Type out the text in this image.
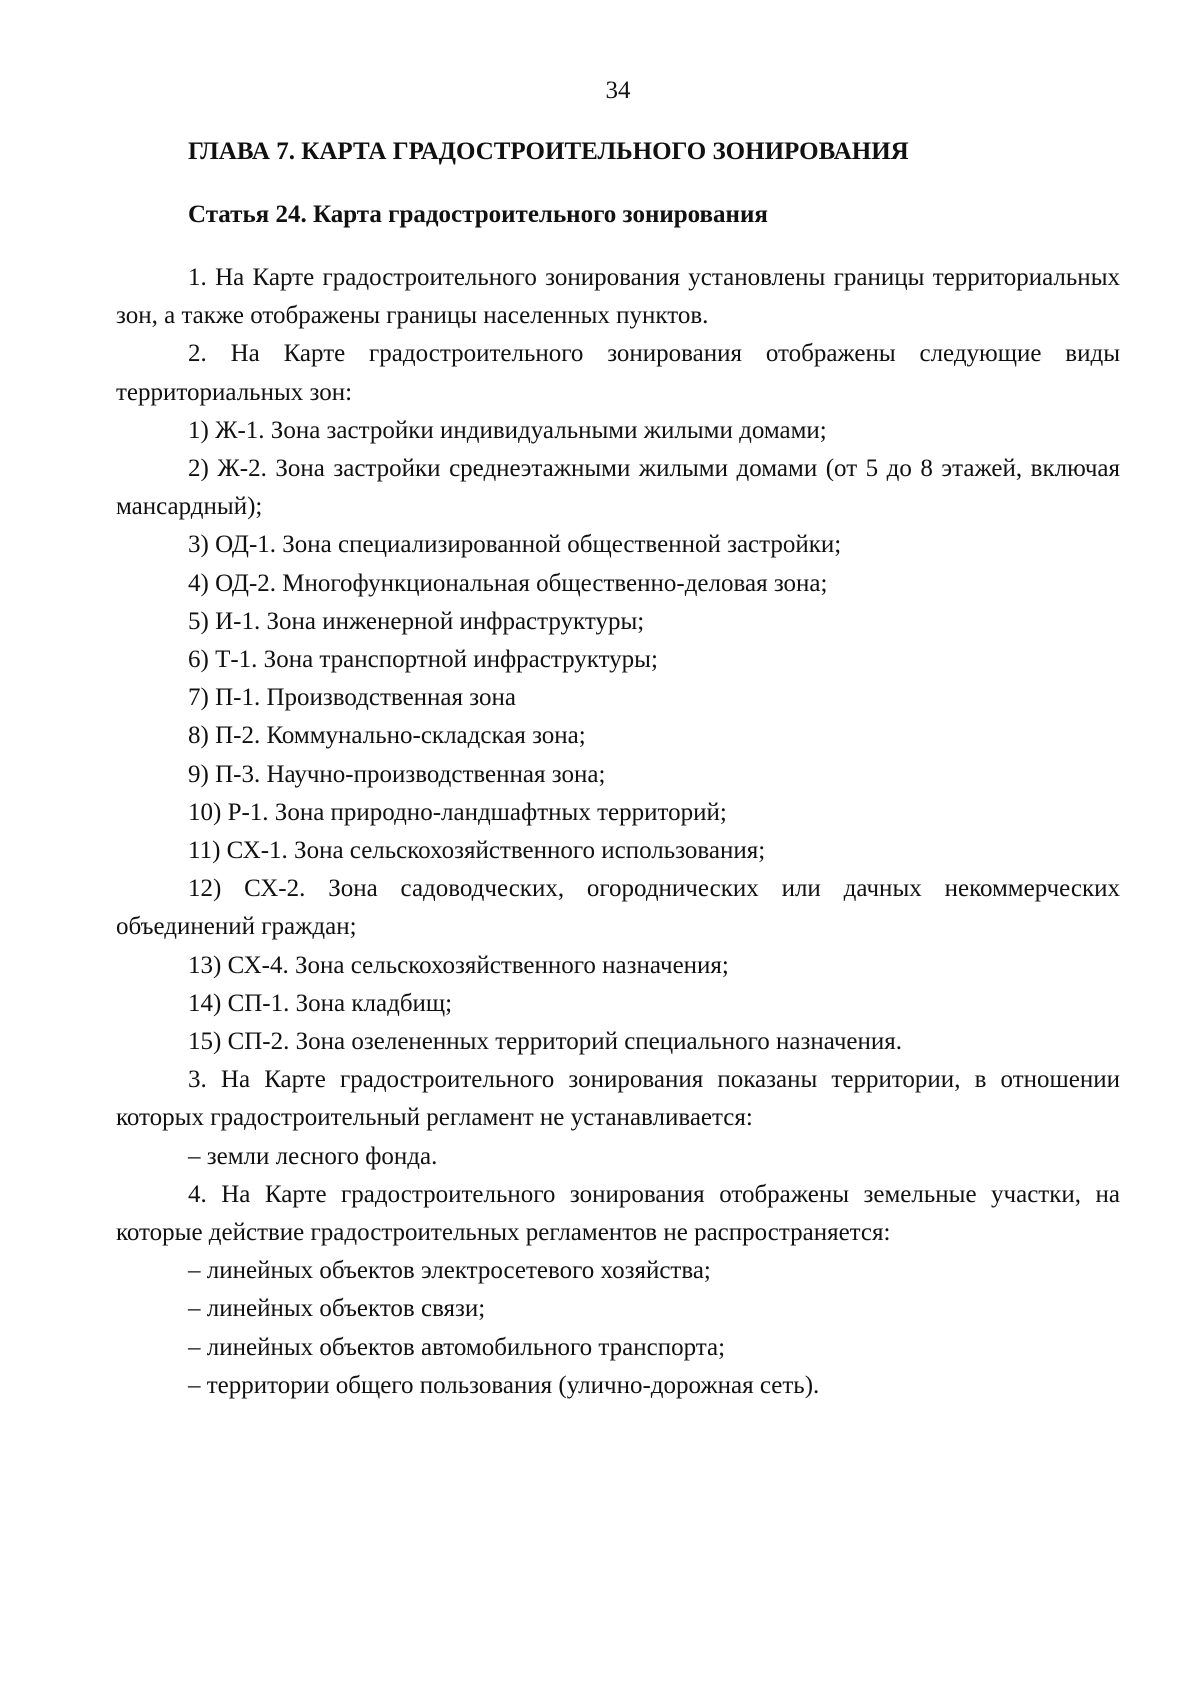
34
ГЛАВА 7. КАРТА ГРАДОСТРОИТЕЛЬНОГО ЗОНИРОВАНИЯ
Статья 24. Карта градостроительного зонирования

1. На Карте градостроительного зонирования установлены границы территориальных зон, а также отображены границы населенных пунктов.

2. На Карте градостроительного зонирования отображены следующие виды территориальных зон:

1) Ж-1. Зона застройки индивидуальными жилыми домами;

2) Ж-2. Зона застройки среднеэтажными жилыми домами (от 5 до 8 этажей, включая мансардный);

3) ОД-1. Зона специализированной общественной застройки;

4) ОД-2. Многофункциональная общественно-деловая зона;

5) И-1. Зона инженерной инфраструктуры;

6) Т-1. Зона транспортной инфраструктуры;

7) П-1. Производственная зона

8) П-2. Коммунально-складская зона;

9) П-3. Научно-производственная зона;

10) Р-1. Зона природно-ландшафтных территорий;

11) СХ-1. Зона сельскохозяйственного использования;

12) СХ-2. Зона садоводческих, огороднических или дачных некоммерческих объединений граждан;

13) СХ-4. Зона сельскохозяйственного назначения;

14) СП-1. Зона кладбищ;

15) СП-2. Зона озелененных территорий специального назначения.

3. На Карте градостроительного зонирования показаны территории, в отношении которых градостроительный регламент не устанавливается:

– земли лесного фонда.

4. На Карте градостроительного зонирования отображены земельные участки, на которые действие градостроительных регламентов не распространяется:

– линейных объектов электросетевого хозяйства;

– линейных объектов связи;

– линейных объектов автомобильного транспорта;

– территории общего пользования (улично-дорожная сеть).
